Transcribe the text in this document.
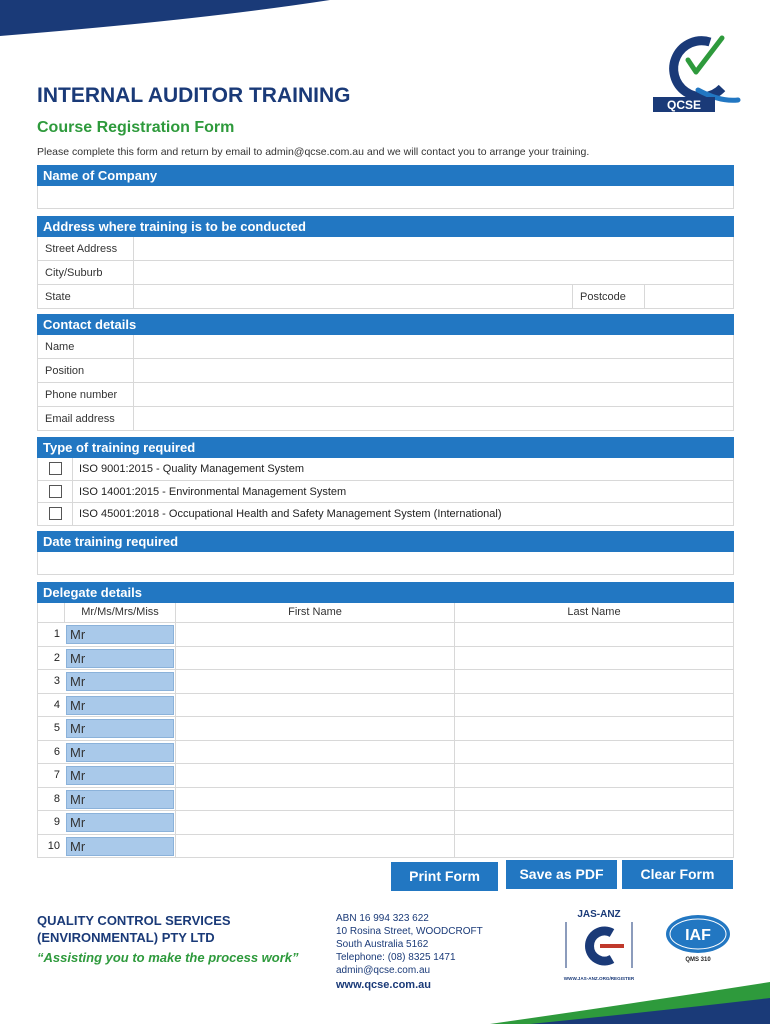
QCSE
INTERNAL AUDITOR TRAINING
Course Registration Form
Please complete this form and return by email to admin@qcse.com.au and we will contact you to arrange your training.
Name of Company
Address where training is to be conducted
Street Address
City/Suburb
State	Postcode
Contact details
Name
Position
Phone number
Email address
Type of training required
ISO 9001:2015 - Quality Management System
ISO 14001:2015 - Environmental Management System
ISO 45001:2018 - Occupational Health and Safety Management System (International)
Date training required
Delegate details
Mr/Ms/Mrs/Miss	First Name	Last Name
1 Mr
2 Mr
3 Mr
4 Mr
5 Mr
6 Mr
7 Mr
8 Mr
9 Mr
10 Mr
Print Form	Save as PDF	Clear Form
QUALITY CONTROL SERVICES
(ENVIRONMENTAL) PTY LTD
“Assisting you to make the process work”
ABN 16 994 323 622
10 Rosina Street, WOODCROFT
South Australia 5162
Telephone: (08) 8325 1471
admin@qcse.com.au
www.qcse.com.au
JAS-ANZ
WWW.JAS-ANZ.ORG/REGISTER
IAF
QMS 310
